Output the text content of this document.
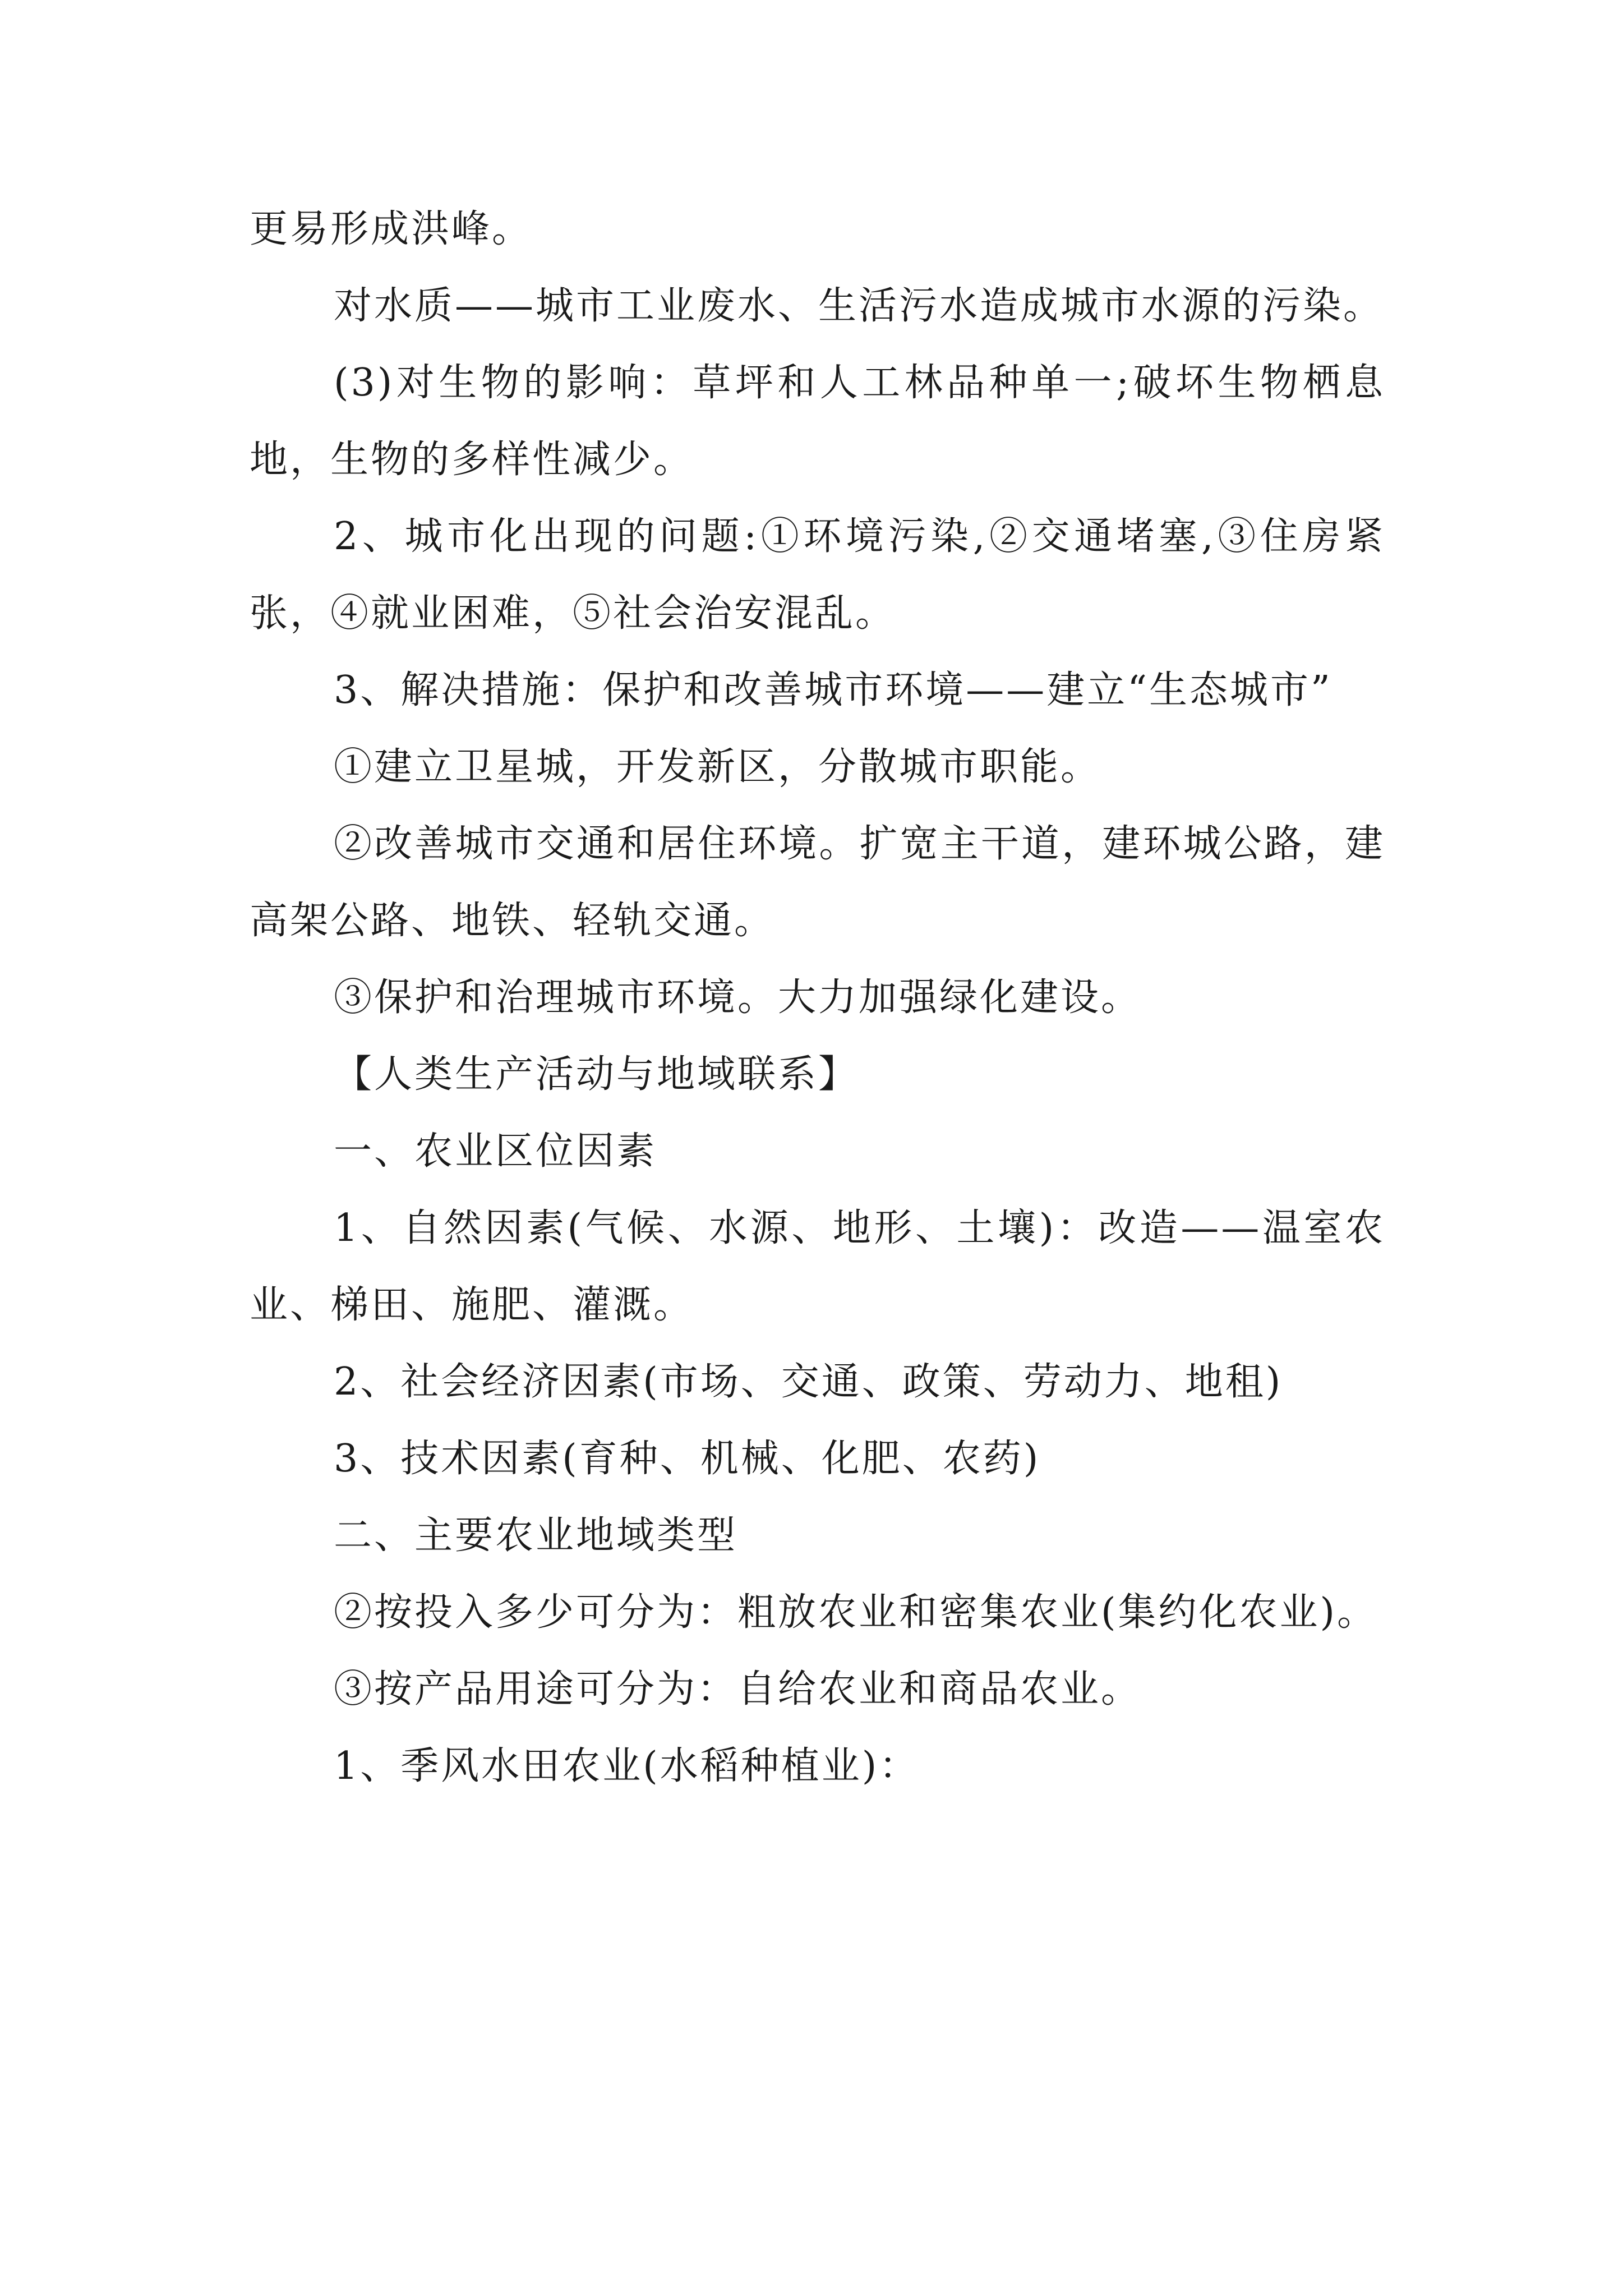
更易形成洪峰。

对水质——城市工业废水、生活污水造成城市水源的污染。

(3)对生物的影响：草坪和人工林品种单一;破坏生物栖息地，生物的多样性减少。

2、城市化出现的问题:①环境污染,②交通堵塞,③住房紧张，④就业困难，⑤社会治安混乱。

3、解决措施：保护和改善城市环境——建立“生态城市”

①建立卫星城，开发新区，分散城市职能。

②改善城市交通和居住环境。扩宽主干道，建环城公路，建高架公路、地铁、轻轨交通。

③保护和治理城市环境。大力加强绿化建设。

【人类生产活动与地域联系】

一、农业区位因素

1、自然因素(气候、水源、地形、土壤)：改造——温室农业、梯田、施肥、灌溉。

2、社会经济因素(市场、交通、政策、劳动力、地租)

3、技术因素(育种、机械、化肥、农药)

二、主要农业地域类型

②按投入多少可分为：粗放农业和密集农业(集约化农业)。

③按产品用途可分为：自给农业和商品农业。

1、季风水田农业(水稻种植业)：
